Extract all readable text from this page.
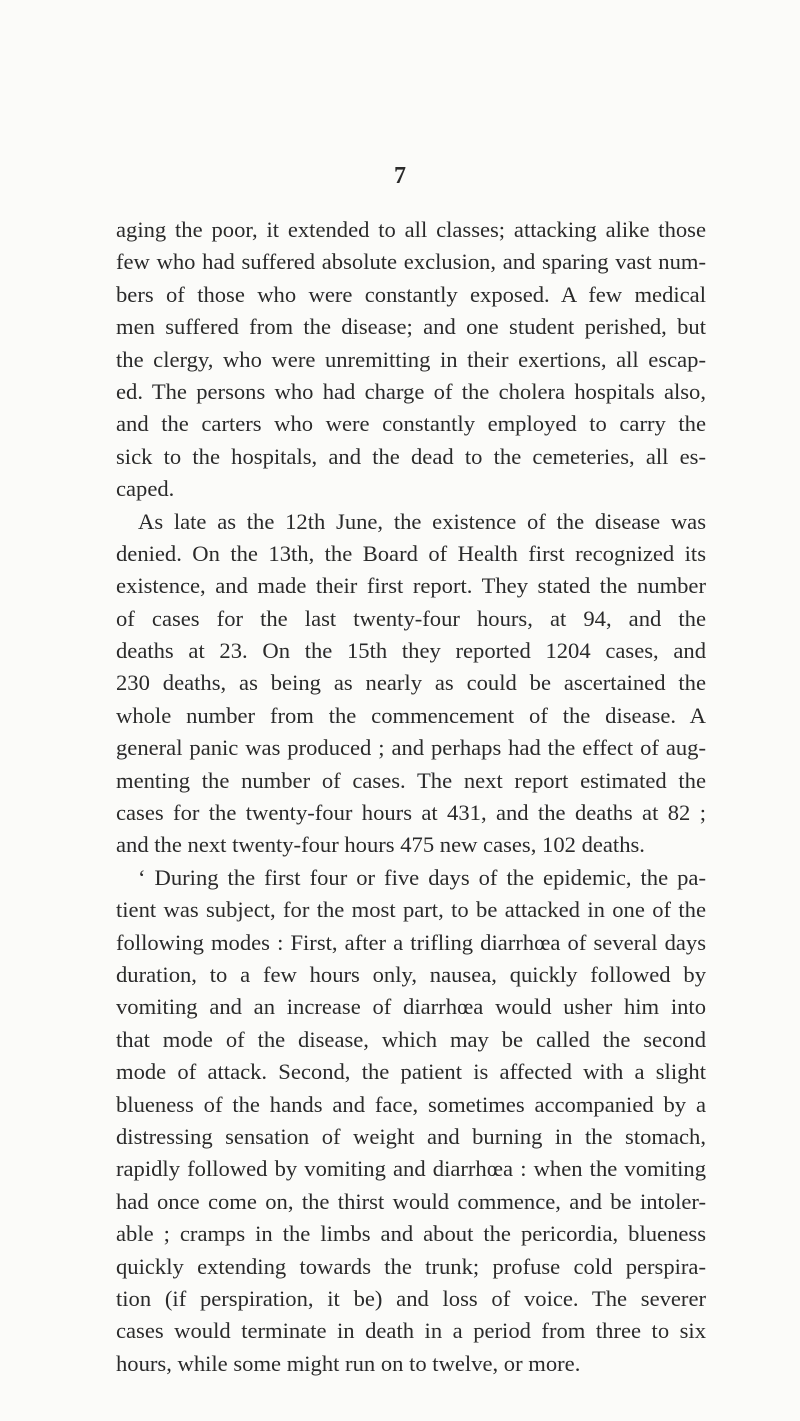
7
aging the poor, it extended to all classes; attacking alike those
few who had suffered absolute exclusion, and sparing vast num-
bers of those who were constantly exposed. A few medical
men suffered from the disease; and one student perished, but
the clergy, who were unremitting in their exertions, all escap-
ed. The persons who had charge of the cholera hospitals also,
and the carters who were constantly employed to carry the
sick to the hospitals, and the dead to the cemeteries, all es-
caped.
As late as the 12th June, the existence of the disease was
denied. On the 13th, the Board of Health first recognized its
existence, and made their first report. They stated the number
of cases for the last twenty-four hours, at 94, and the
deaths at 23. On the 15th they reported 1204 cases, and
230 deaths, as being as nearly as could be ascertained the
whole number from the commencement of the disease. A
general panic was produced ; and perhaps had the effect of aug-
menting the number of cases. The next report estimated the
cases for the twenty-four hours at 431, and the deaths at 82 ;
and the next twenty-four hours 475 new cases, 102 deaths.
‘ During the first four or five days of the epidemic, the pa-
tient was subject, for the most part, to be attacked in one of the
following modes : First, after a trifling diarrhœa of several days
duration, to a few hours only, nausea, quickly followed by
vomiting and an increase of diarrhœa would usher him into
that mode of the disease, which may be called the second
mode of attack. Second, the patient is affected with a slight
blueness of the hands and face, sometimes accompanied by a
distressing sensation of weight and burning in the stomach,
rapidly followed by vomiting and diarrhœa : when the vomiting
had once come on, the thirst would commence, and be intoler-
able ; cramps in the limbs and about the pericordia, blueness
quickly extending towards the trunk; profuse cold perspira-
tion (if perspiration, it be) and loss of voice. The severer
cases would terminate in death in a period from three to six
hours, while some might run on to twelve, or more.
